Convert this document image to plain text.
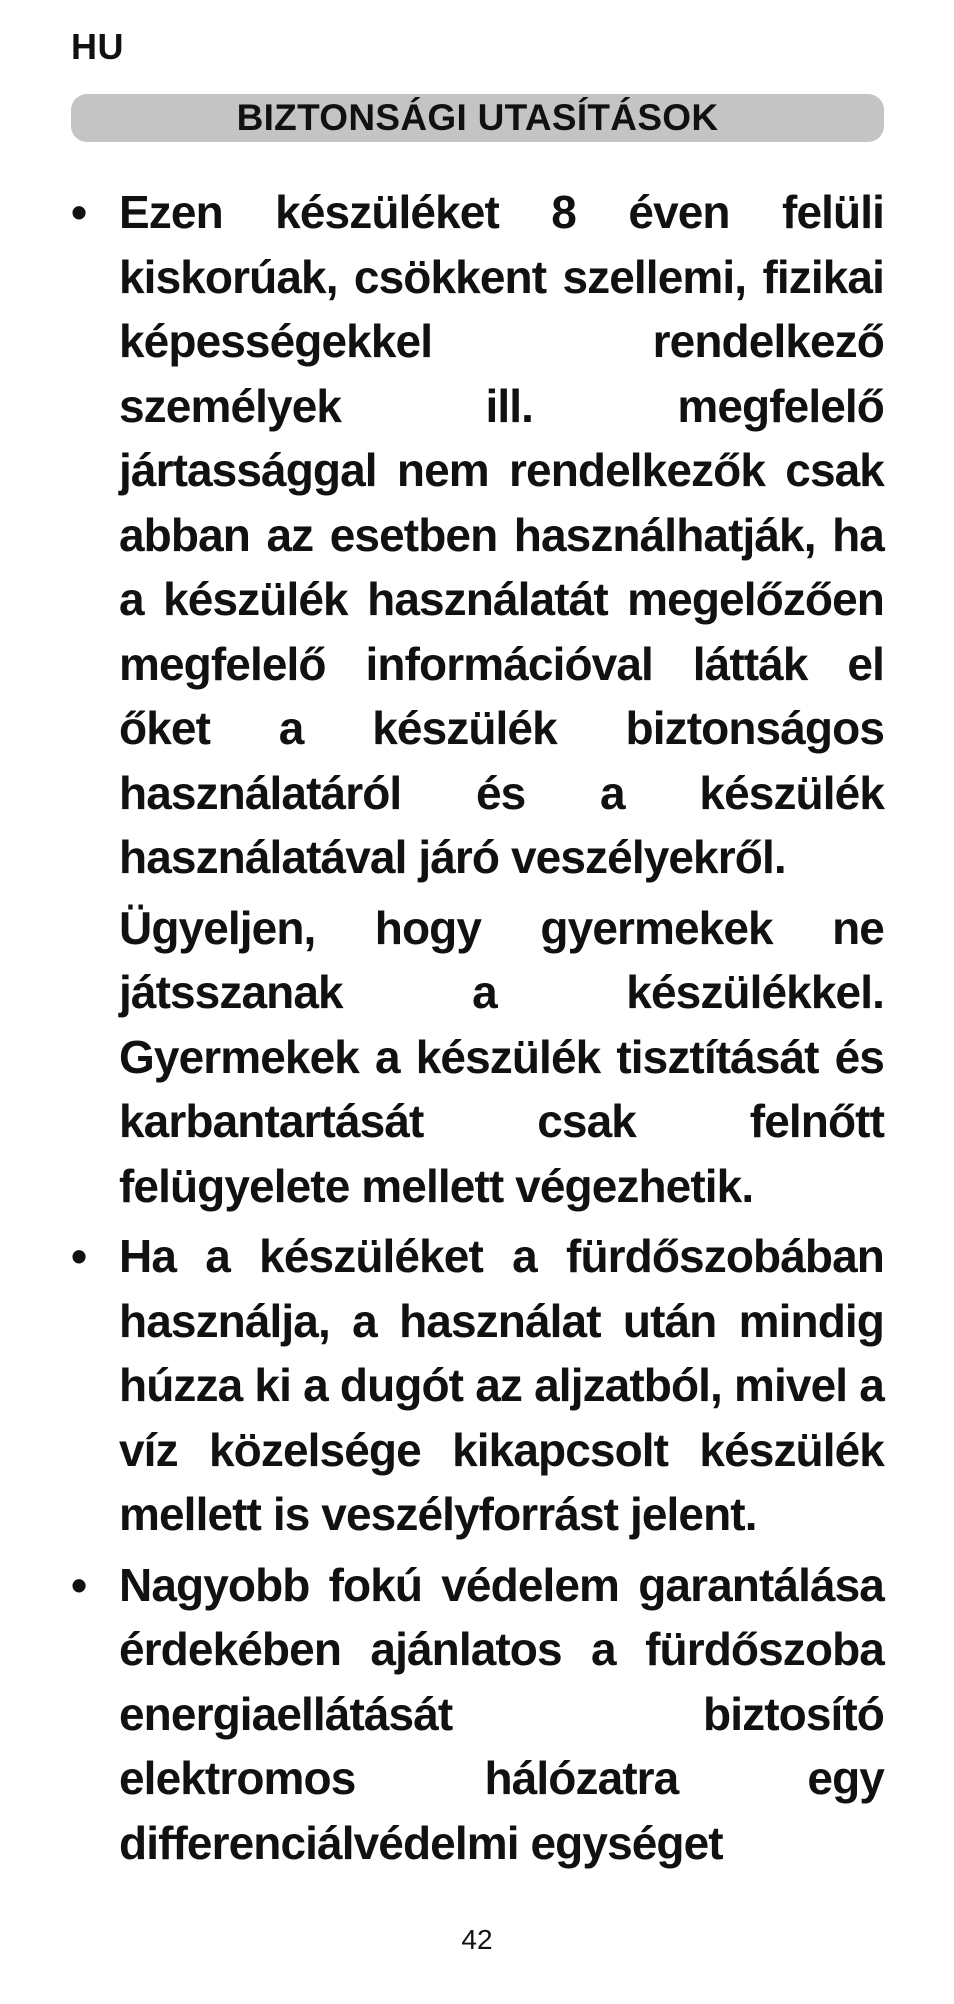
HU
BIZTONSÁGI UTASÍTÁSOK
• Ezen készüléket 8 éven felüli kiskorúak, csökkent szellemi, fizikai képességekkel rendelkező személyek ill. megfelelő jártassággal nem rendelkezők csak abban az esetben használhatják, ha a készülék használatát megelőzően megfelelő információval látták el őket a készülék biztonságos használatáról és a készülék használatával járó veszélyekről.

Ügyeljen, hogy gyermekek ne játsszanak a készülékkel. Gyermekek a készülék tisztítását és karbantartását csak felnőtt felügyelete mellett végezhetik.

• Ha a készüléket a fürdőszobában használja, a használat után mindig húzza ki a dugót az aljzatból, mivel a víz közelsége kikapcsolt készülék mellett is veszélyforrást jelent.

• Nagyobb fokú védelem garantálása érdekében ajánlatos a fürdőszoba energiaellátását biztosító elektromos hálózatra egy differenciálvédelmi egységet

42
